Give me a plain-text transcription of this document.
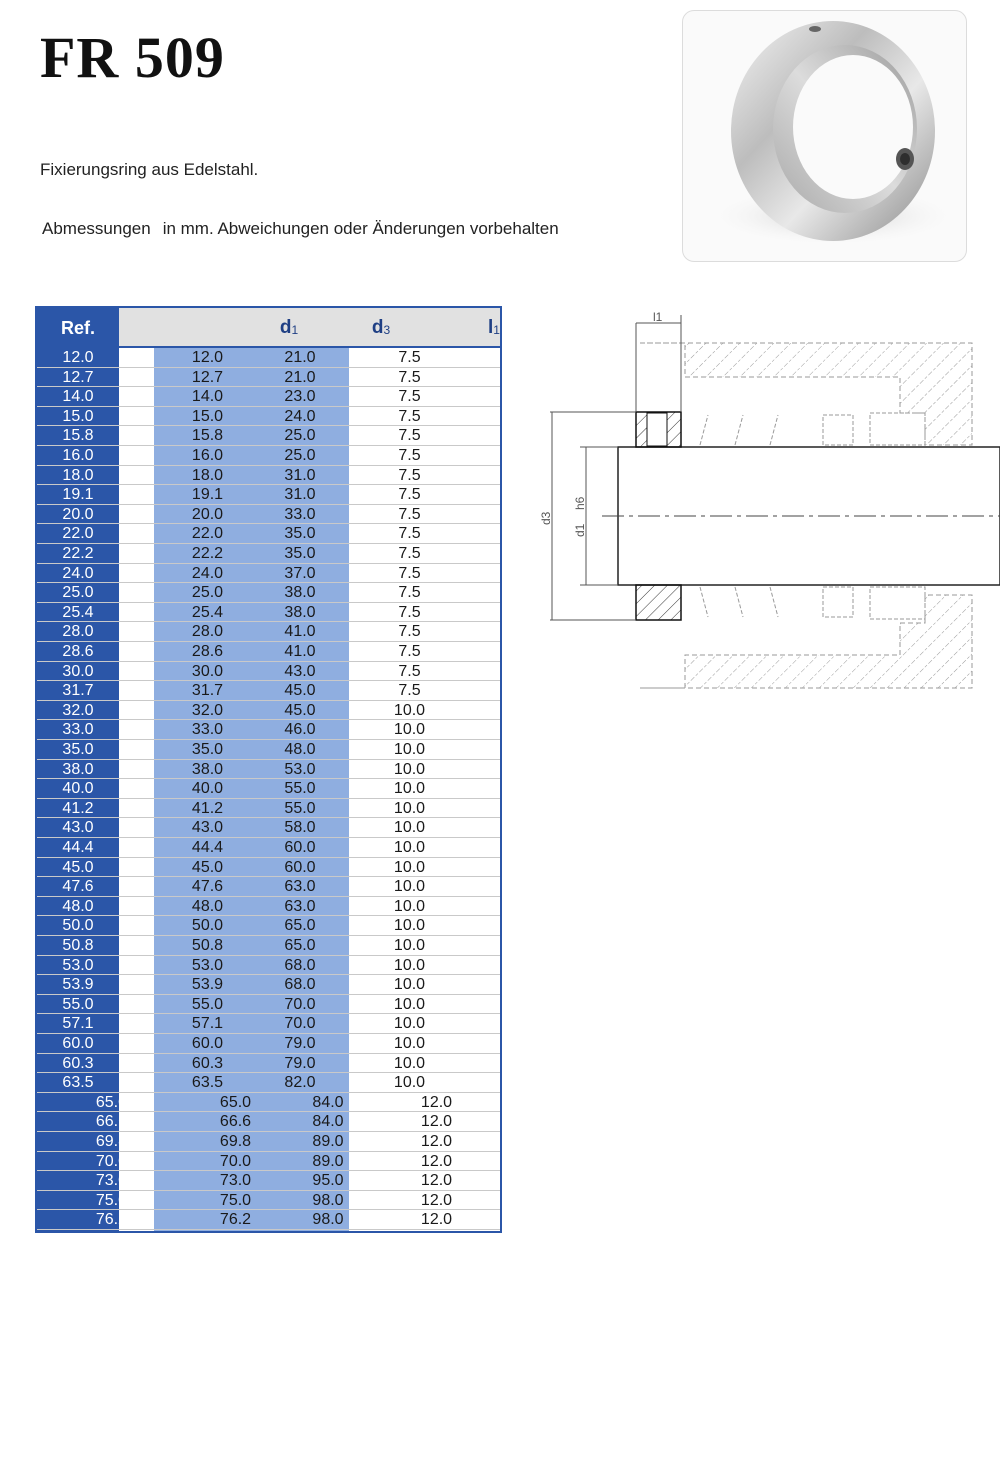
FR 509
Fixierungsring aus Edelstahl.
Abmessungen in mm. Abweichungen oder Änderungen vorbehalten
Ref.	$d_1$	$d_3$	$l_1$
12.0	12.0	21.0	7.5
12.7	12.7	21.0	7.5
14.0	14.0	23.0	7.5
15.0	15.0	24.0	7.5
15.8	15.8	25.0	7.5
16.0	16.0	25.0	7.5
18.0	18.0	31.0	7.5
19.1	19.1	31.0	7.5
20.0	20.0	33.0	7.5
22.0	22.0	35.0	7.5
22.2	22.2	35.0	7.5
24.0	24.0	37.0	7.5
25.0	25.0	38.0	7.5
25.4	25.4	38.0	7.5
28.0	28.0	41.0	7.5
28.6	28.6	41.0	7.5
30.0	30.0	43.0	7.5
31.7	31.7	45.0	7.5
32.0	32.0	45.0	10.0
33.0	33.0	46.0	10.0
35.0	35.0	48.0	10.0
38.0	38.0	53.0	10.0
40.0	40.0	55.0	10.0
41.2	41.2	55.0	10.0
43.0	43.0	58.0	10.0
44.4	44.4	60.0	10.0
45.0	45.0	60.0	10.0
47.6	47.6	63.0	10.0
48.0	48.0	63.0	10.0
50.0	50.0	65.0	10.0
50.8	50.8	65.0	10.0
53.0	53.0	68.0	10.0
53.9	53.9	68.0	10.0
55.0	55.0	70.0	10.0
57.1	57.1	70.0	10.0
60.0	60.0	79.0	10.0
60.3	60.3	79.0	10.0
63.5	63.5	82.0	10.0
65.0	65.0	84.0	12.0
66.6	66.6	84.0	12.0
69.8	69.8	89.0	12.0
70.0	70.0	89.0	12.0
73.0	73.0	95.0	12.0
75.0	75.0	98.0	12.0
76.2	76.2	98.0	12.0
l1
d3
d1
h6
